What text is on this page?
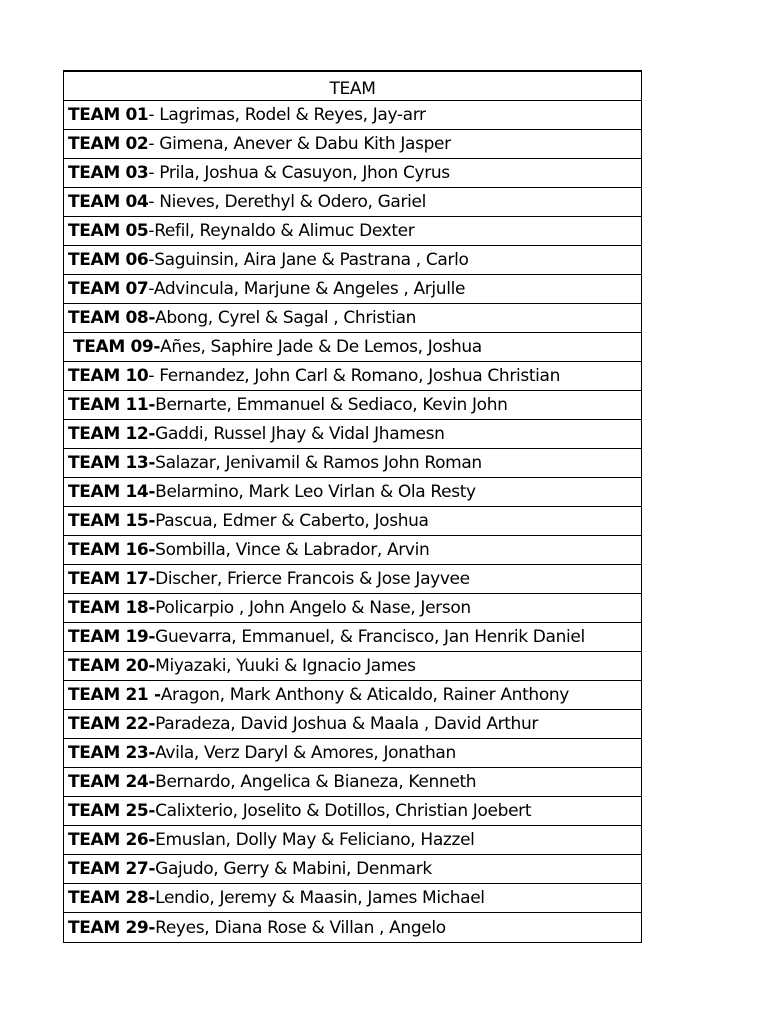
TEAM
TEAM 01 - Lagrimas, Rodel & Reyes, Jay-arr
TEAM 02 - Gimena, Anever & Dabu Kith Jasper
TEAM 03 - Prila, Joshua & Casuyon, Jhon Cyrus
TEAM 04 - Nieves, Derethyl & Odero, Gariel
TEAM 05 -Refil, Reynaldo & Alimuc Dexter
TEAM 06 -Saguinsin, Aira Jane & Pastrana , Carlo
TEAM 07 -Advincula, Marjune & Angeles , Arjulle
TEAM 08- Abong, Cyrel & Sagal , Christian
TEAM 09- Añes, Saphire Jade & De Lemos, Joshua
TEAM 10 - Fernandez, John Carl & Romano, Joshua Christian
TEAM 11- Bernarte, Emmanuel & Sediaco, Kevin John
TEAM 12- Gaddi, Russel Jhay & Vidal Jhamesn
TEAM 13- Salazar, Jenivamil & Ramos John Roman
TEAM 14- Belarmino, Mark Leo Virlan & Ola Resty
TEAM 15- Pascua, Edmer & Caberto, Joshua
TEAM 16- Sombilla, Vince & Labrador, Arvin
TEAM 17- Discher, Frierce Francois & Jose Jayvee
TEAM 18- Policarpio , John Angelo & Nase, Jerson
TEAM 19- Guevarra, Emmanuel, & Francisco, Jan Henrik Daniel
TEAM 20- Miyazaki, Yuuki & Ignacio James
TEAM 21 - Aragon, Mark Anthony & Aticaldo, Rainer Anthony
TEAM 22- Paradeza, David Joshua & Maala , David Arthur
TEAM 23- Avila, Verz Daryl & Amores, Jonathan
TEAM 24- Bernardo, Angelica & Bianeza, Kenneth
TEAM 25- Calixterio, Joselito & Dotillos, Christian Joebert
TEAM 26- Emuslan, Dolly May & Feliciano, Hazzel
TEAM 27- Gajudo, Gerry & Mabini, Denmark
TEAM 28- Lendio, Jeremy & Maasin, James Michael
TEAM 29- Reyes, Diana Rose & Villan , Angelo
